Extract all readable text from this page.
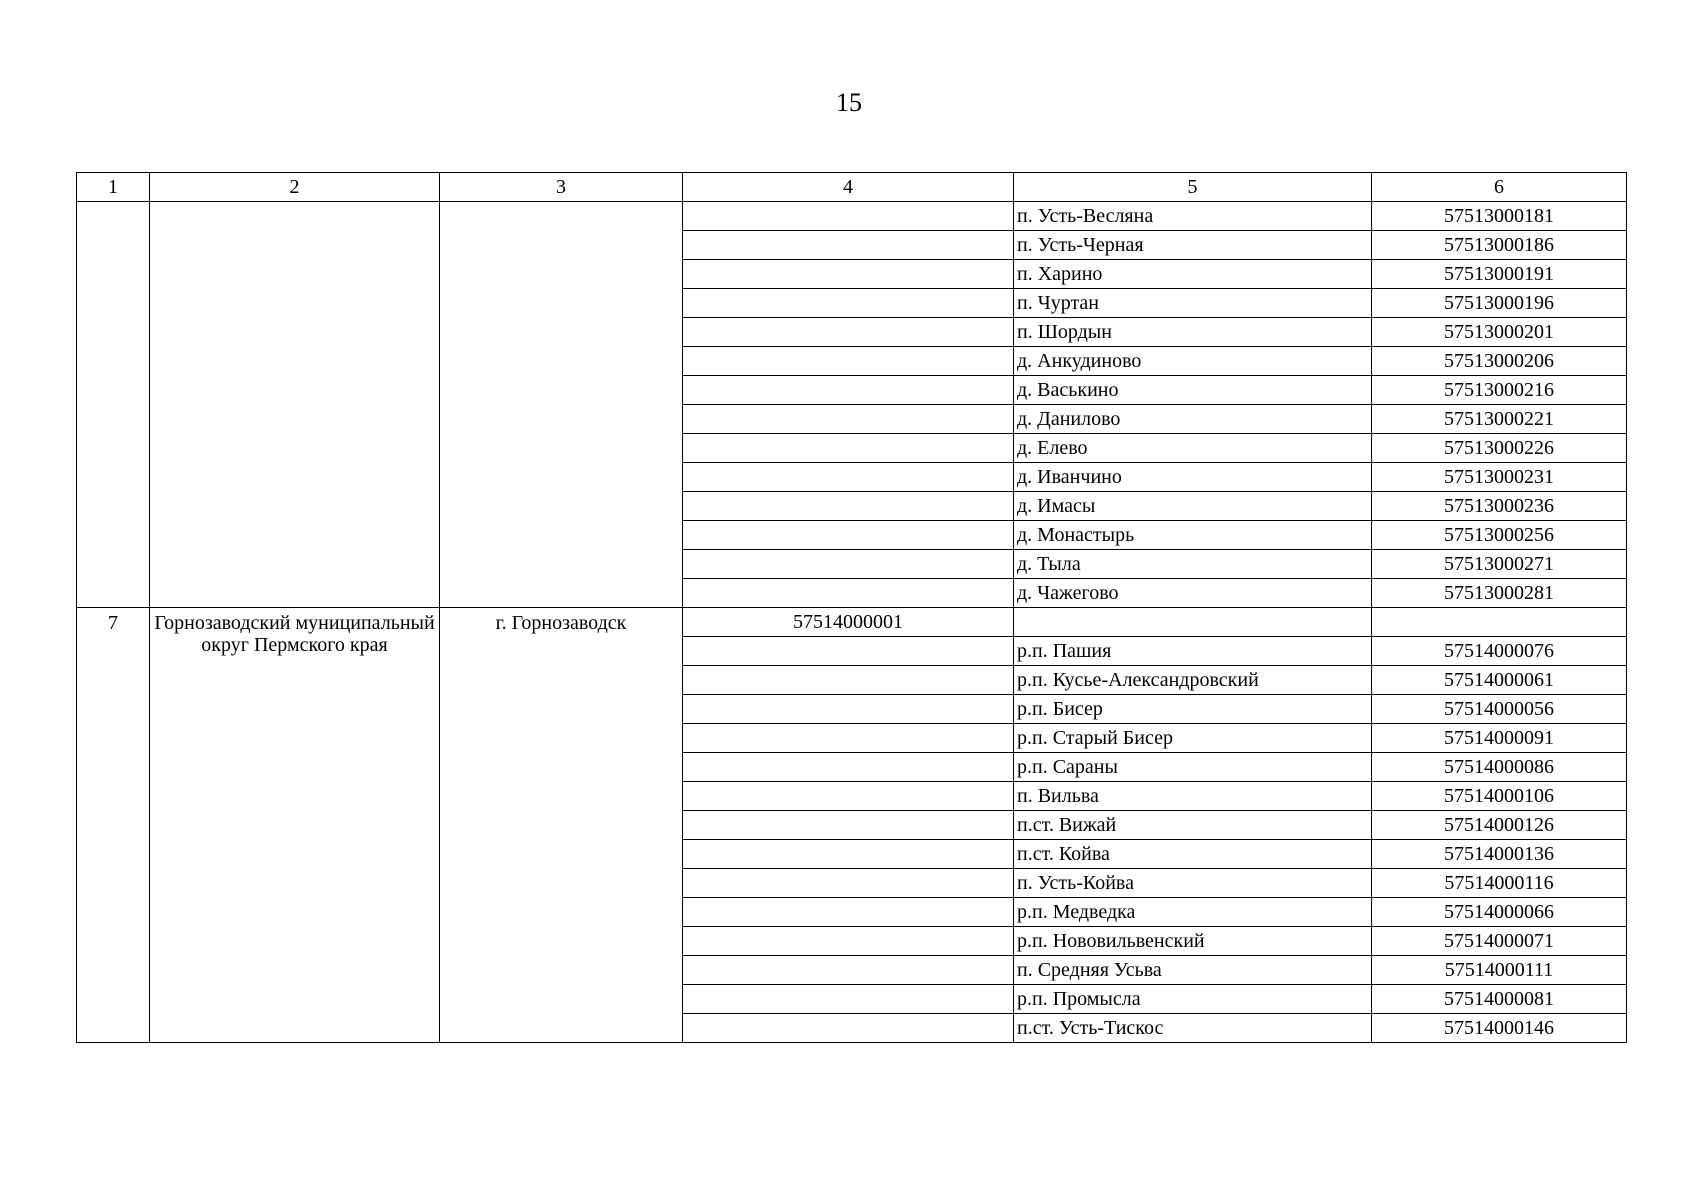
15
1	2	3	4	5	6
				п. Усть-Весляна	57513000181
				п. Усть-Черная	57513000186
				п. Харино	57513000191
				п. Чуртан	57513000196
				п. Шордын	57513000201
				д. Анкудиново	57513000206
				д. Васькино	57513000216
				д. Данилово	57513000221
				д. Елево	57513000226
				д. Иванчино	57513000231
				д. Имасы	57513000236
				д. Монастырь	57513000256
				д. Тыла	57513000271
				д. Чажегово	57513000281
7	Горнозаводский муниципальный округ Пермского края	г. Горнозаводск	57514000001		
				р.п. Пашия	57514000076
				р.п. Кусье-Александровский	57514000061
				р.п. Бисер	57514000056
				р.п. Старый Бисер	57514000091
				р.п. Сараны	57514000086
				п. Вильва	57514000106
				п.ст. Вижай	57514000126
				п.ст. Койва	57514000136
				п. Усть-Койва	57514000116
				р.п. Медведка	57514000066
				р.п. Нововильвенский	57514000071
				п. Средняя Усьва	57514000111
				р.п. Промысла	57514000081
				п.ст. Усть-Тискос	57514000146
